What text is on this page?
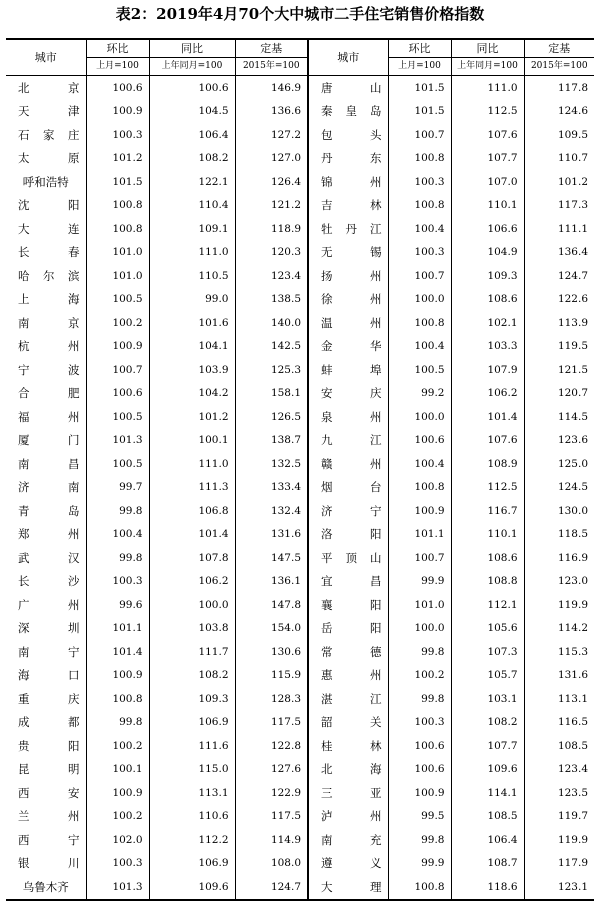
表2：2019年4月70个大中城市二手住宅销售价格指数
城市	环比	同比	定基	城市	环比	同比	定基
	上月=100	上年同月=100	2015年=100		上月=100	上年同月=100	2015年=100
北　京	100.6	100.6	146.9	唐　山	101.5	111.0	117.8
天　津	100.9	104.5	136.6	秦皇岛	101.5	112.5	124.6
石家庄	100.3	106.4	127.2	包　头	100.7	107.6	109.5
太　原	101.2	108.2	127.0	丹　东	100.8	107.7	110.7
呼和浩特	101.5	122.1	126.4	锦　州	100.3	107.0	101.2
沈　阳	100.8	110.4	121.2	吉　林	100.8	110.1	117.3
大　连	100.8	109.1	118.9	牡丹江	100.4	106.6	111.1
长　春	101.0	111.0	120.3	无　锡	100.3	104.9	136.4
哈尔滨	101.0	110.5	123.4	扬　州	100.7	109.3	124.7
上　海	100.5	99.0	138.5	徐　州	100.0	108.6	122.6
南　京	100.2	101.6	140.0	温　州	100.8	102.1	113.9
杭　州	100.9	104.1	142.5	金　华	100.4	103.3	119.5
宁　波	100.7	103.9	125.3	蚌　埠	100.5	107.9	121.5
合　肥	100.6	104.2	158.1	安　庆	99.2	106.2	120.7
福　州	100.5	101.2	126.5	泉　州	100.0	101.4	114.5
厦　门	101.3	100.1	138.7	九　江	100.6	107.6	123.6
南　昌	100.5	111.0	132.5	赣　州	100.4	108.9	125.0
济　南	99.7	111.3	133.4	烟　台	100.8	112.5	124.5
青　岛	99.8	106.8	132.4	济　宁	100.9	116.7	130.0
郑　州	100.4	101.4	131.6	洛　阳	101.1	110.1	118.5
武　汉	99.8	107.8	147.5	平顶山	100.7	108.6	116.9
长　沙	100.3	106.2	136.1	宜　昌	99.9	108.8	123.0
广　州	99.6	100.0	147.8	襄　阳	101.0	112.1	119.9
深　圳	101.1	103.8	154.0	岳　阳	100.0	105.6	114.2
南　宁	101.4	111.7	130.6	常　德	99.8	107.3	115.3
海　口	100.9	108.2	115.9	惠　州	100.2	105.7	131.6
重　庆	100.8	109.3	128.3	湛　江	99.8	103.1	113.1
成　都	99.8	106.9	117.5	韶　关	100.3	108.2	116.5
贵　阳	100.2	111.6	122.8	桂　林	100.6	107.7	108.5
昆　明	100.1	115.0	127.6	北　海	100.6	109.6	123.4
西　安	100.9	113.1	122.9	三　亚	100.9	114.1	123.5
兰　州	100.2	110.6	117.5	泸　州	99.5	108.5	119.7
西　宁	102.0	112.2	114.9	南　充	99.8	106.4	119.9
银　川	100.3	106.9	108.0	遵　义	99.9	108.7	117.9
乌鲁木齐	101.3	109.6	124.7	大　理	100.8	118.6	123.1
